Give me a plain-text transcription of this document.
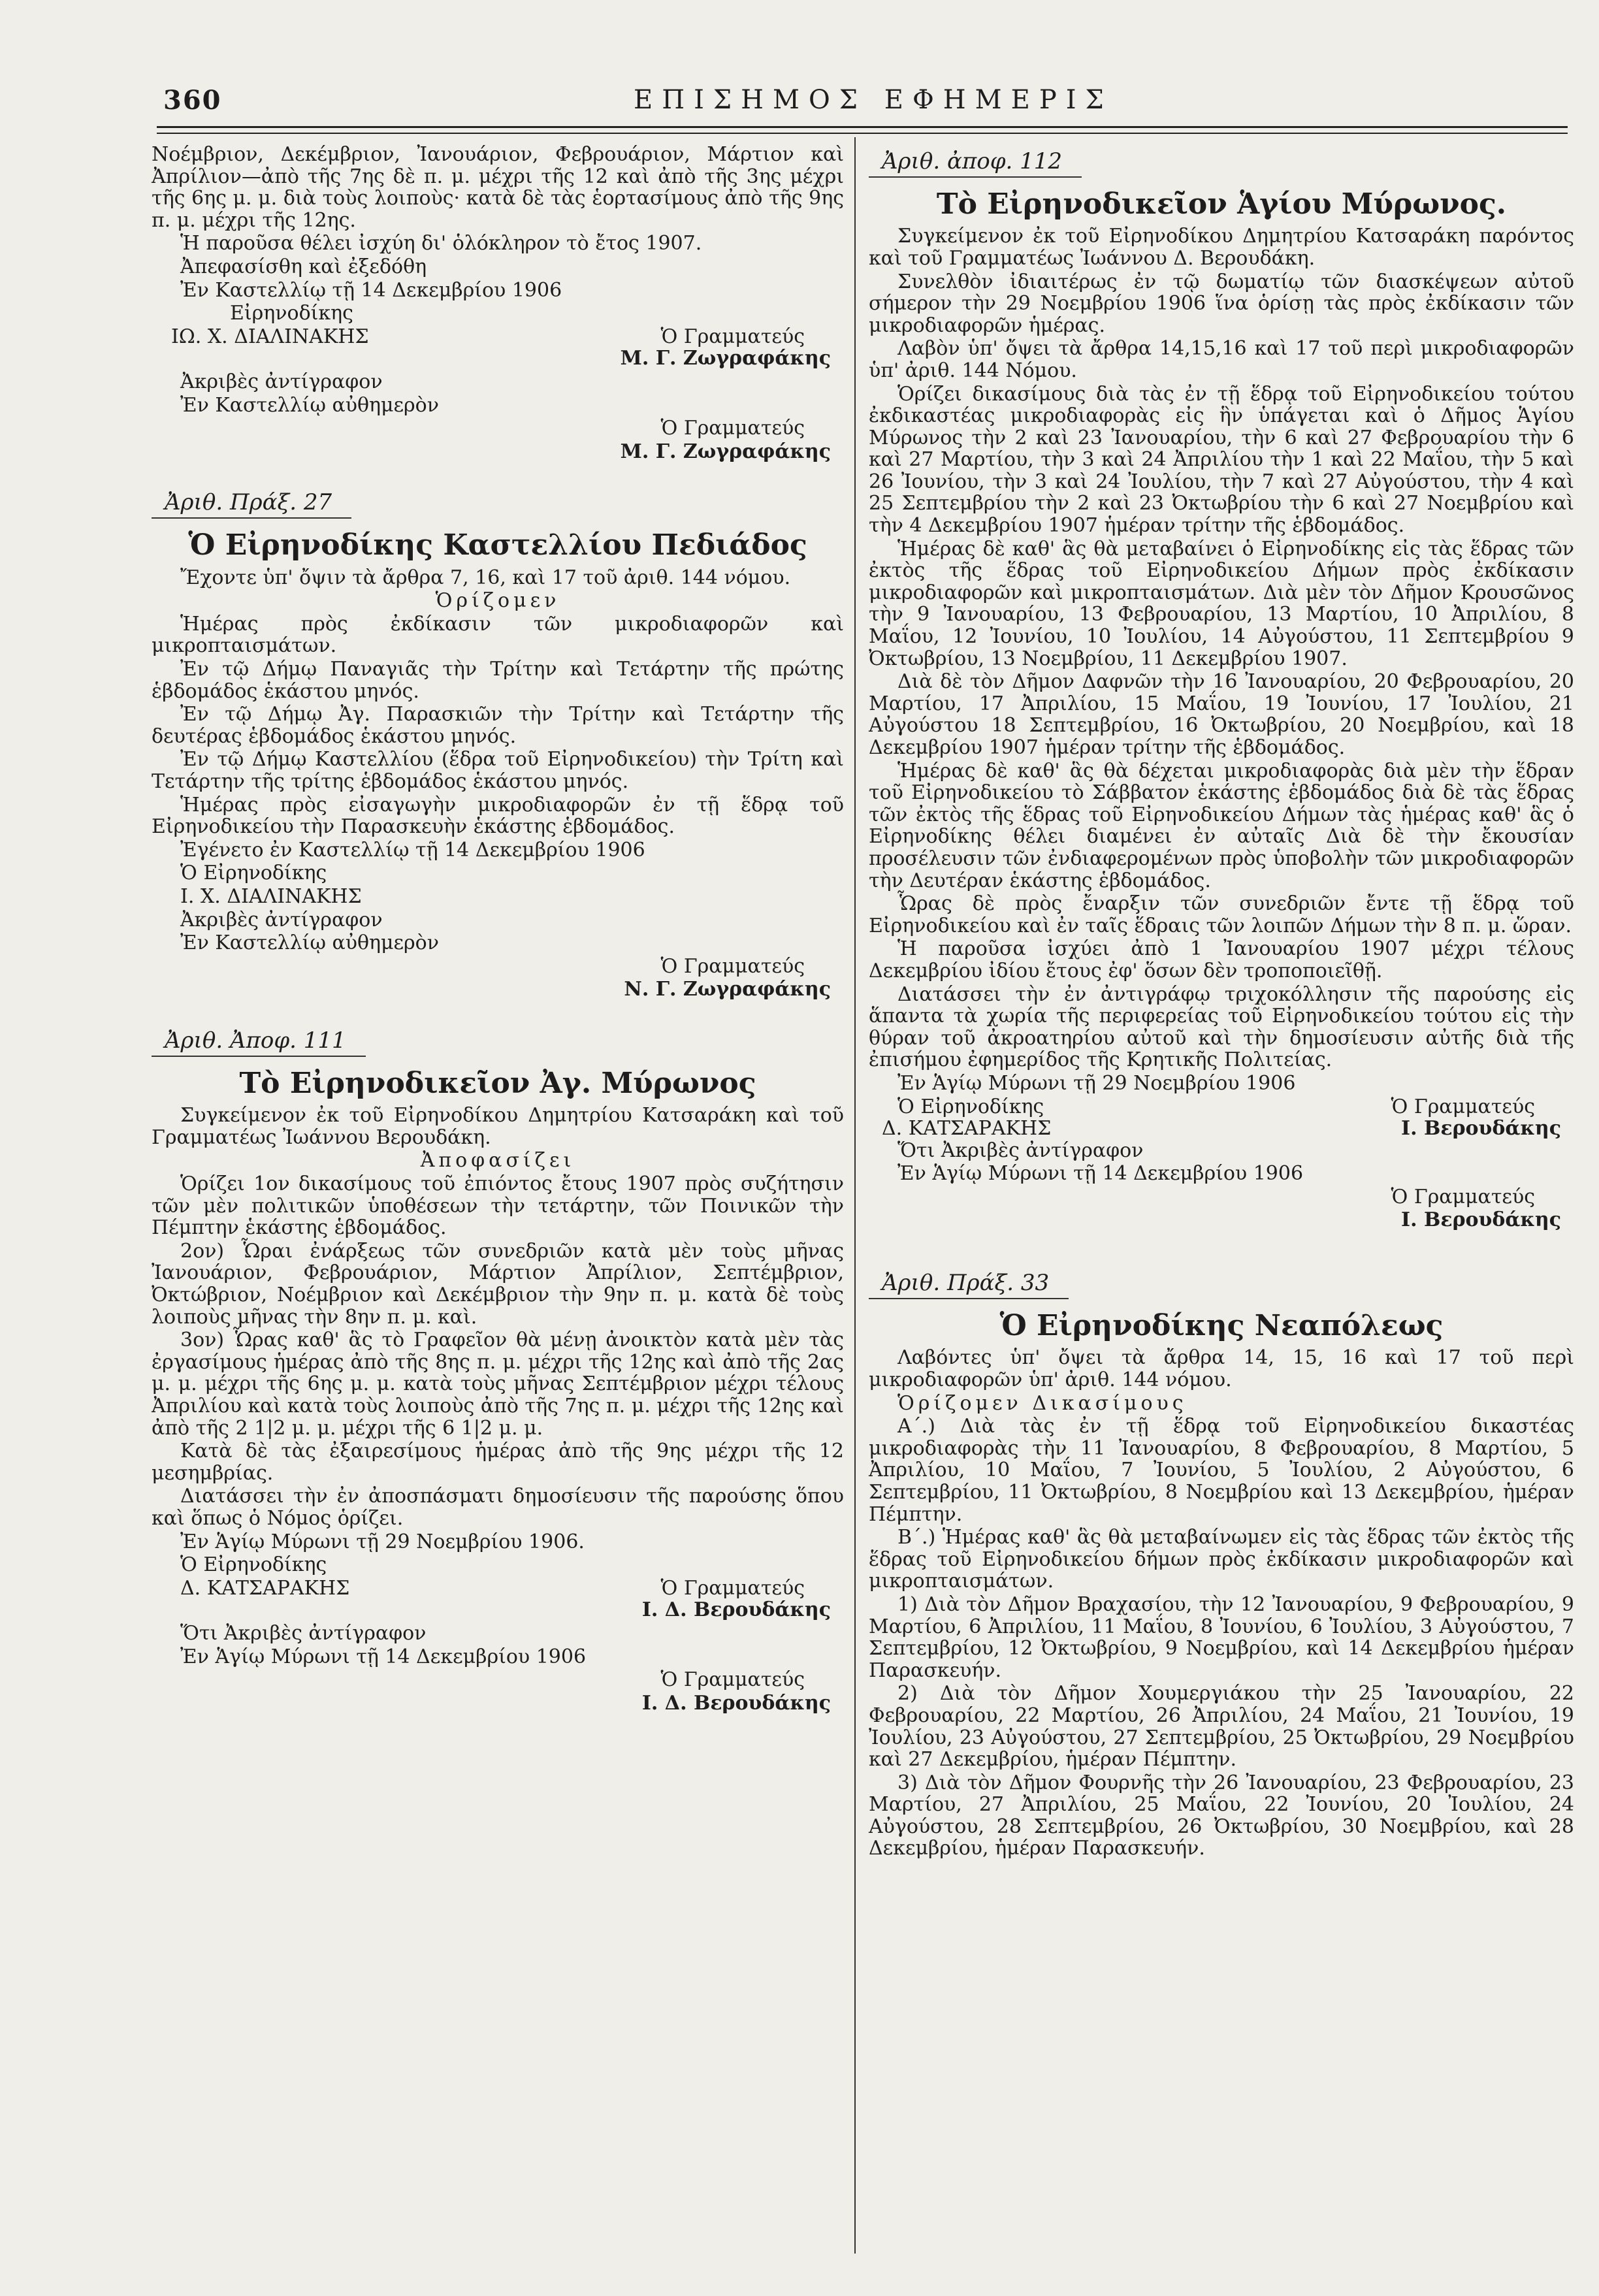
360	ΕΠΙΣΗΜΟΣ ΕΦΗΜΕΡΙΣ

Νοέμβριον, Δεκέμβριον, Ἰανουάριον, Φεβρουάριον, Μάρτιον καὶ Ἀπρίλιον—ἀπὸ τῆς 7ης δὲ π. μ. μέχρι τῆς 12 καὶ ἀπὸ τῆς 3ης μέχρι τῆς 6ης μ. μ. διὰ τοὺς λοιποὺς· κατὰ δὲ τὰς ἑορτασίμους ἀπὸ τῆς 9ης π. μ. μέχρι τῆς 12ης.

Ἡ παροῦσα θέλει ἰσχύη δι' ὁλόκληρον τὸ ἔτος 1907.

Ἀπεφασίσθη καὶ ἐξεδόθη

Ἐν Καστελλίῳ τῇ 14 Δεκεμβρίου 1906

Εἰρηνοδίκης

ΙΩ. Χ. ΔΙΑΛΙΝΑΚΗΣ	Ὁ Γραμματεύς

Μ. Γ. Ζωγραφάκης

Ἀκριβὲς ἀντίγραφον

Ἐν Καστελλίῳ αὐθημερὸν

Ὁ Γραμματεύς

Μ. Γ. Ζωγραφάκης

Ἀριθ. Πράξ. 27
Ὁ Εἰρηνοδίκης Καστελλίου Πεδιάδος

Ἔχοντε ὑπ' ὄψιν τὰ ἄρθρα 7, 16, καὶ 17 τοῦ ἀριθ. 144 νόμου.

Ὁρίζομεν

Ἡμέρας πρὸς ἐκδίκασιν τῶν μικροδιαφορῶν καὶ μικροπταισμάτων.

Ἐν τῷ Δήμῳ Παναγιᾶς τὴν Τρίτην καὶ Τετάρτην τῆς πρώτης ἑβδομάδος ἑκάστου μηνός.

Ἐν τῷ Δήμῳ Ἀγ. Παρασκιῶν τὴν Τρίτην καὶ Τετάρτην τῆς δευτέρας ἑβδομάδος ἑκάστου μηνός.

Ἐν τῷ Δήμῳ Καστελλίου (ἕδρα τοῦ Εἰρηνοδικείου) τὴν Τρίτη καὶ Τετάρτην τῆς τρίτης ἑβδομάδος ἑκάστου μηνός.

Ἡμέρας πρὸς εἰσαγωγὴν μικροδιαφορῶν ἐν τῇ ἕδρᾳ τοῦ Εἰρηνοδικείου τὴν Παρασκευὴν ἑκάστης ἑβδομάδος.

Ἐγένετο ἐν Καστελλίῳ τῇ 14 Δεκεμβρίου 1906

Ὁ Εἰρηνοδίκης

Ι. Χ. ΔΙΑΛΙΝΑΚΗΣ

Ἀκριβὲς ἀντίγραφον

Ἐν Καστελλίῳ αὐθημερὸν

Ὁ Γραμματεύς

Ν. Γ. Ζωγραφάκης

Ἀριθ. Ἀποφ. 111
Τὸ Εἰρηνοδικεῖον Ἀγ. Μύρωνος

Συγκείμενον ἐκ τοῦ Εἰρηνοδίκου Δημητρίου Κατσαράκη καὶ τοῦ Γραμματέως Ἰωάννου Βερουδάκη.

Ἀποφασίζει

Ὁρίζει 1ον δικασίμους τοῦ ἐπιόντος ἔτους 1907 πρὸς συζήτησιν τῶν μὲν πολιτικῶν ὑποθέσεων τὴν τετάρτην, τῶν Ποινικῶν τὴν Πέμπτην ἑκάστης ἑβδομάδος.

2ον) Ὧραι ἐνάρξεως τῶν συνεδριῶν κατὰ μὲν τοὺς μῆνας Ἰανουάριον, Φεβρουάριον, Μάρτιον Ἀπρίλιον, Σεπτέμβριον, Ὀκτώβριον, Νοέμβριον καὶ Δεκέμβριον τὴν 9ην π. μ. κατὰ δὲ τοὺς λοιποὺς μῆνας τὴν 8ην π. μ. καὶ.

3ον) Ὧρας καθ' ἃς τὸ Γραφεῖον θὰ μένῃ ἀνοικτὸν κατὰ μὲν τὰς ἐργασίμους ἡμέρας ἀπὸ τῆς 8ης π. μ. μέχρι τῆς 12ης καὶ ἀπὸ τῆς 2ας μ. μ. μέχρι τῆς 6ης μ. μ. κατὰ τοὺς μῆνας Σεπτέμβριον μέχρι τέλους Ἀπριλίου καὶ κατὰ τοὺς λοιποὺς ἀπὸ τῆς 7ης π. μ. μέχρι τῆς 12ης καὶ ἀπὸ τῆς 2 1|2 μ. μ. μέχρι τῆς 6 1|2 μ. μ.

Κατὰ δὲ τὰς ἐξαιρεσίμους ἡμέρας ἀπὸ τῆς 9ης μέχρι τῆς 12 μεσημβρίας.

Διατάσσει τὴν ἐν ἀποσπάσματι δημοσίευσιν τῆς παρούσης ὅπου καὶ ὅπως ὁ Νόμος ὁρίζει.

Ἐν Ἁγίῳ Μύρωνι τῇ 29 Νοεμβρίου 1906.

Ὁ Εἰρηνοδίκης

Δ. ΚΑΤΣΑΡΑΚΗΣ	Ὁ Γραμματεύς

Ι. Δ. Βερουδάκης

Ὅτι Ἀκριβὲς ἀντίγραφον

Ἐν Ἁγίῳ Μύρωνι τῇ 14 Δεκεμβρίου 1906

Ὁ Γραμματεύς

Ι. Δ. Βερουδάκης

Ἀριθ. ἀποφ. 112
Τὸ Εἰρηνοδικεῖον Ἁγίου Μύρωνος.

Συγκείμενον ἐκ τοῦ Εἰρηνοδίκου Δημητρίου Κατσαράκη παρόντος καὶ τοῦ Γραμματέως Ἰωάννου Δ. Βερουδάκη.

Συνελθὸν ἰδιαιτέρως ἐν τῷ δωματίῳ τῶν διασκέψεων αὐτοῦ σήμερον τὴν 29 Νοεμβρίου 1906 ἵνα ὁρίσῃ τὰς πρὸς ἐκδίκασιν τῶν μικροδιαφορῶν ἡμέρας.

Λαβὸν ὑπ' ὄψει τὰ ἄρθρα 14,15,16 καὶ 17 τοῦ περὶ μικροδιαφορῶν ὑπ' ἀριθ. 144 Νόμου.

Ὁρίζει δικασίμους διὰ τὰς ἐν τῇ ἕδρᾳ τοῦ Εἰρηνοδικείου τούτου ἐκδικαστέας μικροδιαφορὰς εἰς ἣν ὑπάγεται καὶ ὁ Δῆμος Ἁγίου Μύρωνος τὴν 2 καὶ 23 Ἰανουαρίου, τὴν 6 καὶ 27 Φεβρουαρίου τὴν 6 καὶ 27 Μαρτίου, τὴν 3 καὶ 24 Ἀπριλίου τὴν 1 καὶ 22 Μαΐου, τὴν 5 καὶ 26 Ἰουνίου, τὴν 3 καὶ 24 Ἰουλίου, τὴν 7 καὶ 27 Αὐγούστου, τὴν 4 καὶ 25 Σεπτεμβρίου τὴν 2 καὶ 23 Ὀκτωβρίου τὴν 6 καὶ 27 Νοεμβρίου καὶ τὴν 4 Δεκεμβρίου 1907 ἡμέραν τρίτην τῆς ἑβδομάδος.

Ἡμέρας δὲ καθ' ἃς θὰ μεταβαίνει ὁ Εἰρηνοδίκης εἰς τὰς ἕδρας τῶν ἐκτὸς τῆς ἕδρας τοῦ Εἰρηνοδικείου Δήμων πρὸς ἐκδίκασιν μικροδιαφορῶν καὶ μικροπταισμάτων. Διὰ μὲν τὸν Δῆμον Κρουσῶνος τὴν 9 Ἰανουαρίου, 13 Φεβρουαρίου, 13 Μαρτίου, 10 Ἀπριλίου, 8 Μαΐου, 12 Ἰουνίου, 10 Ἰουλίου, 14 Αὐγούστου, 11 Σεπτεμβρίου 9 Ὀκτωβρίου, 13 Νοεμβρίου, 11 Δεκεμβρίου 1907.

Διὰ δὲ τὸν Δῆμον Δαφνῶν τὴν 16 Ἰανουαρίου, 20 Φεβρουαρίου, 20 Μαρτίου, 17 Ἀπριλίου, 15 Μαΐου, 19 Ἰουνίου, 17 Ἰουλίου, 21 Αὐγούστου 18 Σεπτεμβρίου, 16 Ὀκτωβρίου, 20 Νοεμβρίου, καὶ 18 Δεκεμβρίου 1907 ἡμέραν τρίτην τῆς ἑβδομάδος.

Ἡμέρας δὲ καθ' ἃς θὰ δέχεται μικροδιαφορὰς διὰ μὲν τὴν ἕδραν τοῦ Εἰρηνοδικείου τὸ Σάββατον ἑκάστης ἑβδομάδος διὰ δὲ τὰς ἕδρας τῶν ἐκτὸς τῆς ἕδρας τοῦ Εἰρηνοδικείου Δήμων τὰς ἡμέρας καθ' ἃς ὁ Εἰρηνοδίκης θέλει διαμένει ἐν αὐταῖς Διὰ δὲ τὴν ἔκουσίαν προσέλευσιν τῶν ἐνδιαφερομένων πρὸς ὑποβολὴν τῶν μικροδιαφορῶν τὴν Δευτέραν ἑκάστης ἑβδομάδος.

Ὧρας δὲ πρὸς ἔναρξιν τῶν συνεδριῶν ἔντε τῇ ἕδρᾳ τοῦ Εἰρηνοδικείου καὶ ἐν ταῖς ἕδραις τῶν λοιπῶν Δήμων τὴν 8 π. μ. ὥραν.

Ἡ παροῦσα ἰσχύει ἀπὸ 1 Ἰανουαρίου 1907 μέχρι τέλους Δεκεμβρίου ἰδίου ἔτους ἐφ' ὅσων δὲν τροποποιεῖθῇ.

Διατάσσει τὴν ἐν ἀντιγράφῳ τριχοκόλλησιν τῆς παρούσης εἰς ἅπαντα τὰ χωρία τῆς περιφερείας τοῦ Εἰρηνοδικείου τούτου εἰς τὴν θύραν τοῦ ἀκροατηρίου αὐτοῦ καὶ τὴν δημοσίευσιν αὐτῆς διὰ τῆς ἐπισήμου ἐφημερίδος τῆς Κρητικῆς Πολιτείας.

Ἐν Ἁγίῳ Μύρωνι τῇ 29 Νοεμβρίου 1906

Ὁ Εἰρηνοδίκης	Ὁ Γραμματεύς
Δ. ΚΑΤΣΑΡΑΚΗΣ	Ι. Βερουδάκης

Ὅτι Ἀκριβὲς ἀντίγραφον

Ἐν Ἁγίῳ Μύρωνι τῇ 14 Δεκεμβρίου 1906

Ὁ Γραμματεύς

Ι. Βερουδάκης

Ἀριθ. Πράξ. 33
Ὁ Εἰρηνοδίκης Νεαπόλεως

Λαβόντες ὑπ' ὄψει τὰ ἄρθρα 14, 15, 16 καὶ 17 τοῦ περὶ μικροδιαφορῶν ὑπ' ἀριθ. 144 νόμου.

Ὁρίζομεν Δικασίμους

Α΄.) Διὰ τὰς ἐν τῇ ἕδρᾳ τοῦ Εἰρηνοδικείου δικαστέας μικροδιαφορὰς τὴν 11 Ἰανουαρίου, 8 Φεβρουαρίου, 8 Μαρτίου, 5 Ἀπριλίου, 10 Μαΐου, 7 Ἰουνίου, 5 Ἰουλίου, 2 Αὐγούστου, 6 Σεπτεμβρίου, 11 Ὀκτωβρίου, 8 Νοεμβρίου καὶ 13 Δεκεμβρίου, ἡμέραν Πέμπτην.

Β΄.) Ἡμέρας καθ' ἃς θὰ μεταβαίνωμεν εἰς τὰς ἕδρας τῶν ἐκτὸς τῆς ἕδρας τοῦ Εἰρηνοδικείου δήμων πρὸς ἐκδίκασιν μικροδιαφορῶν καὶ μικροπταισμάτων.

1) Διὰ τὸν Δῆμον Βραχασίου, τὴν 12 Ἰανουαρίου, 9 Φεβρουαρίου, 9 Μαρτίου, 6 Ἀπριλίου, 11 Μαΐου, 8 Ἰουνίου, 6 Ἰουλίου, 3 Αὐγούστου, 7 Σεπτεμβρίου, 12 Ὀκτωβρίου, 9 Νοεμβρίου, καὶ 14 Δεκεμβρίου ἡμέραν Παρασκευήν.

2) Διὰ τὸν Δῆμον Χουμεργιάκου τὴν 25 Ἰανουαρίου, 22 Φεβρουαρίου, 22 Μαρτίου, 26 Ἀπριλίου, 24 Μαΐου, 21 Ἰουνίου, 19 Ἰουλίου, 23 Αὐγούστου, 27 Σεπτεμβρίου, 25 Ὀκτωβρίου, 29 Νοεμβρίου καὶ 27 Δεκεμβρίου, ἡμέραν Πέμπτην.

3) Διὰ τὸν Δῆμον Φουρνῆς τὴν 26 Ἰανουαρίου, 23 Φεβρουαρίου, 23 Μαρτίου, 27 Ἀπριλίου, 25 Μαΐου, 22 Ἰουνίου, 20 Ἰουλίου, 24 Αὐγούστου, 28 Σεπτεμβρίου, 26 Ὀκτωβρίου, 30 Νοεμβρίου, καὶ 28 Δεκεμβρίου, ἡμέραν Παρασκευήν.
